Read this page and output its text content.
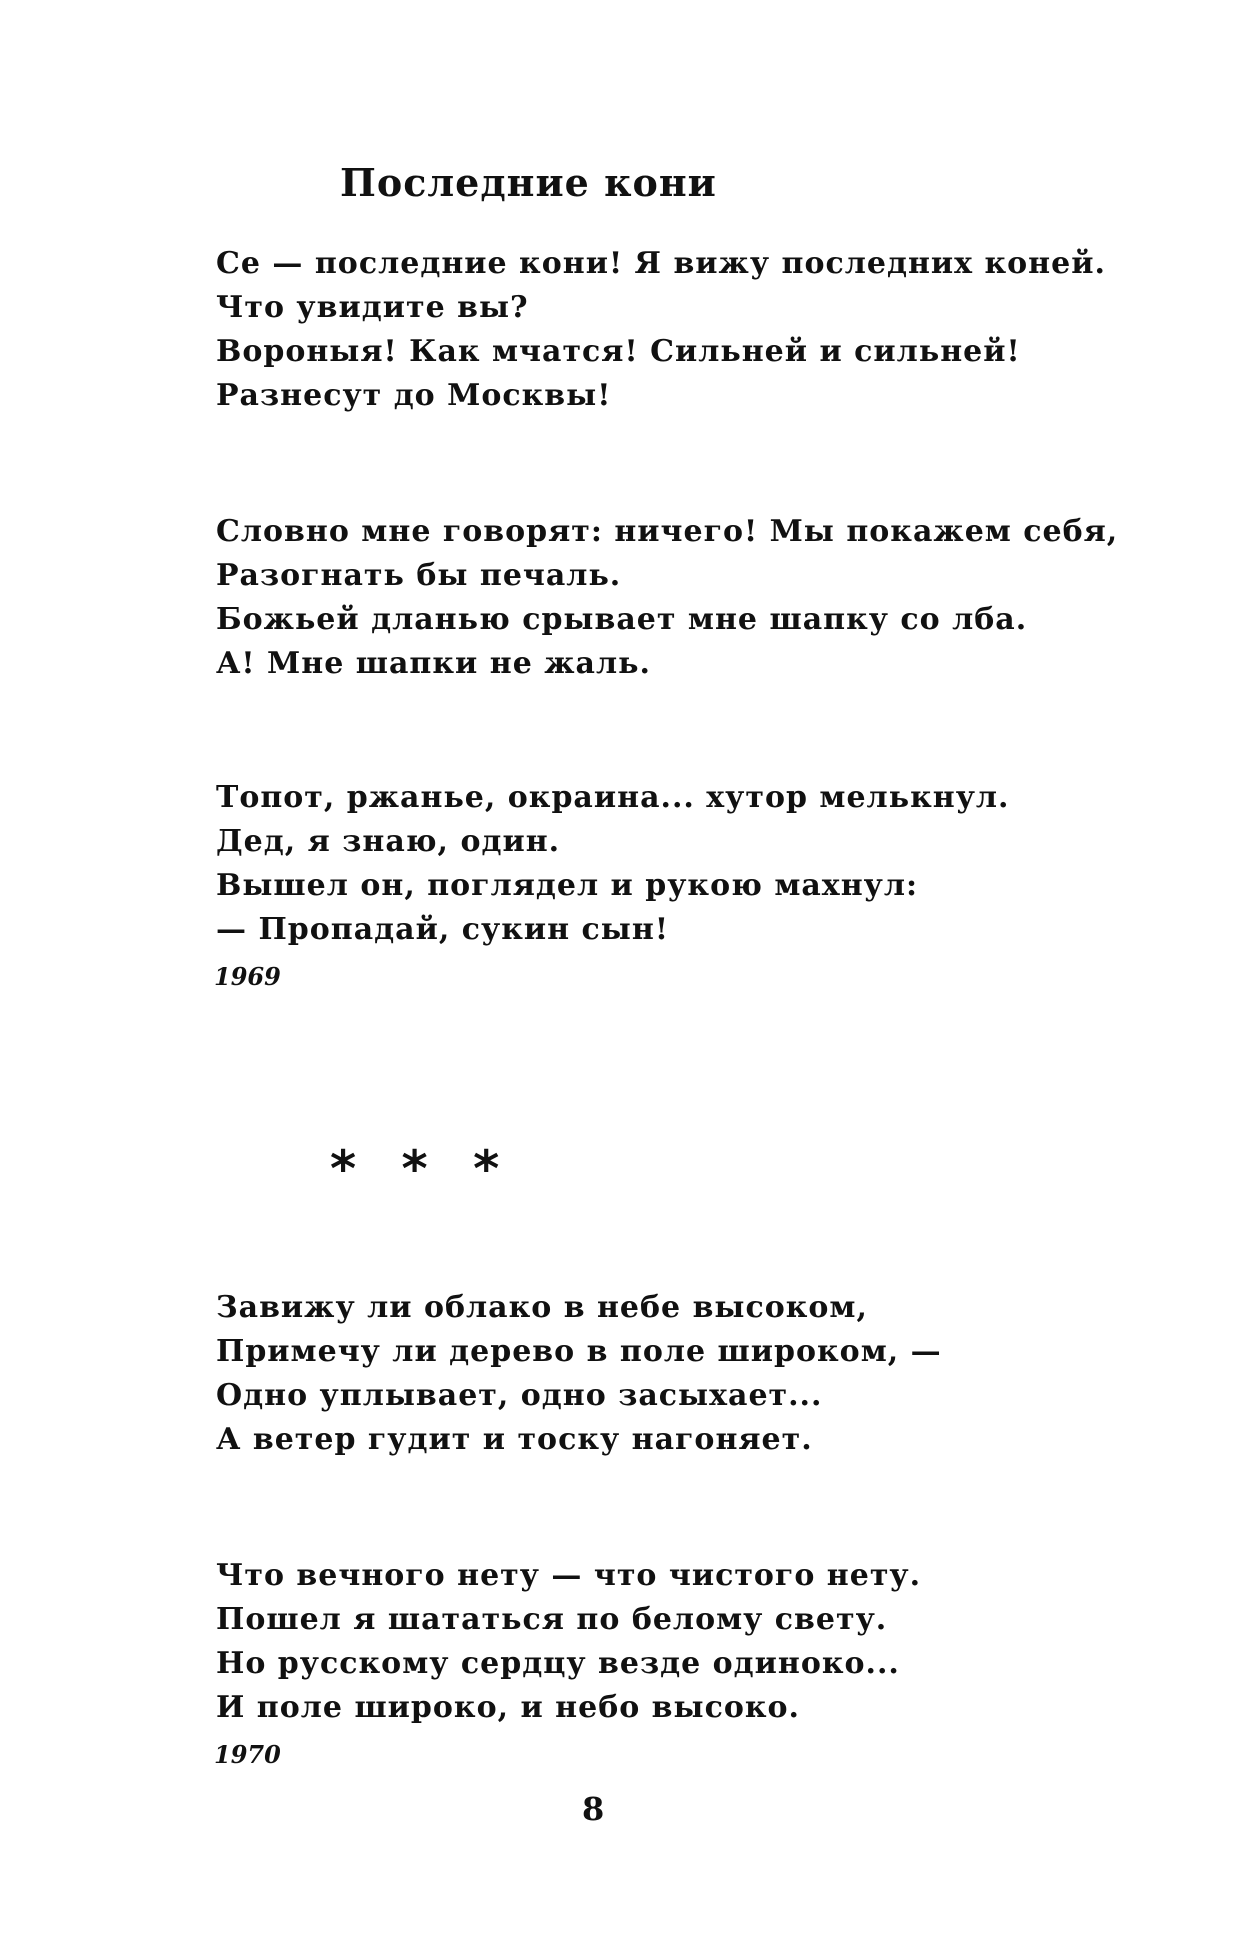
Последние кони
Се — последние кони! Я вижу последних коней.
Что увидите вы?
Вороныя! Как мчатся! Сильней и сильней!
Разнесут до Москвы!
Словно мне говорят: ничего! Мы покажем себя,
Разогнать бы печаль.
Божьей дланью срывает мне шапку со лба.
А! Мне шапки не жаль.
Топот, ржанье, окраина... хутор мелькнул.
Дед, я знаю, один.
Вышел он, поглядел и рукою махнул:
— Пропадай, сукин сын!
1969
* * *
Завижу ли облако в небе высоком,
Примечу ли дерево в поле широком, —
Одно уплывает, одно засыхает...
А ветер гудит и тоску нагоняет.
Что вечного нету — что чистого нету.
Пошел я шататься по белому свету.
Но русскому сердцу везде одиноко...
И поле широко, и небо высоко.
1970
8
